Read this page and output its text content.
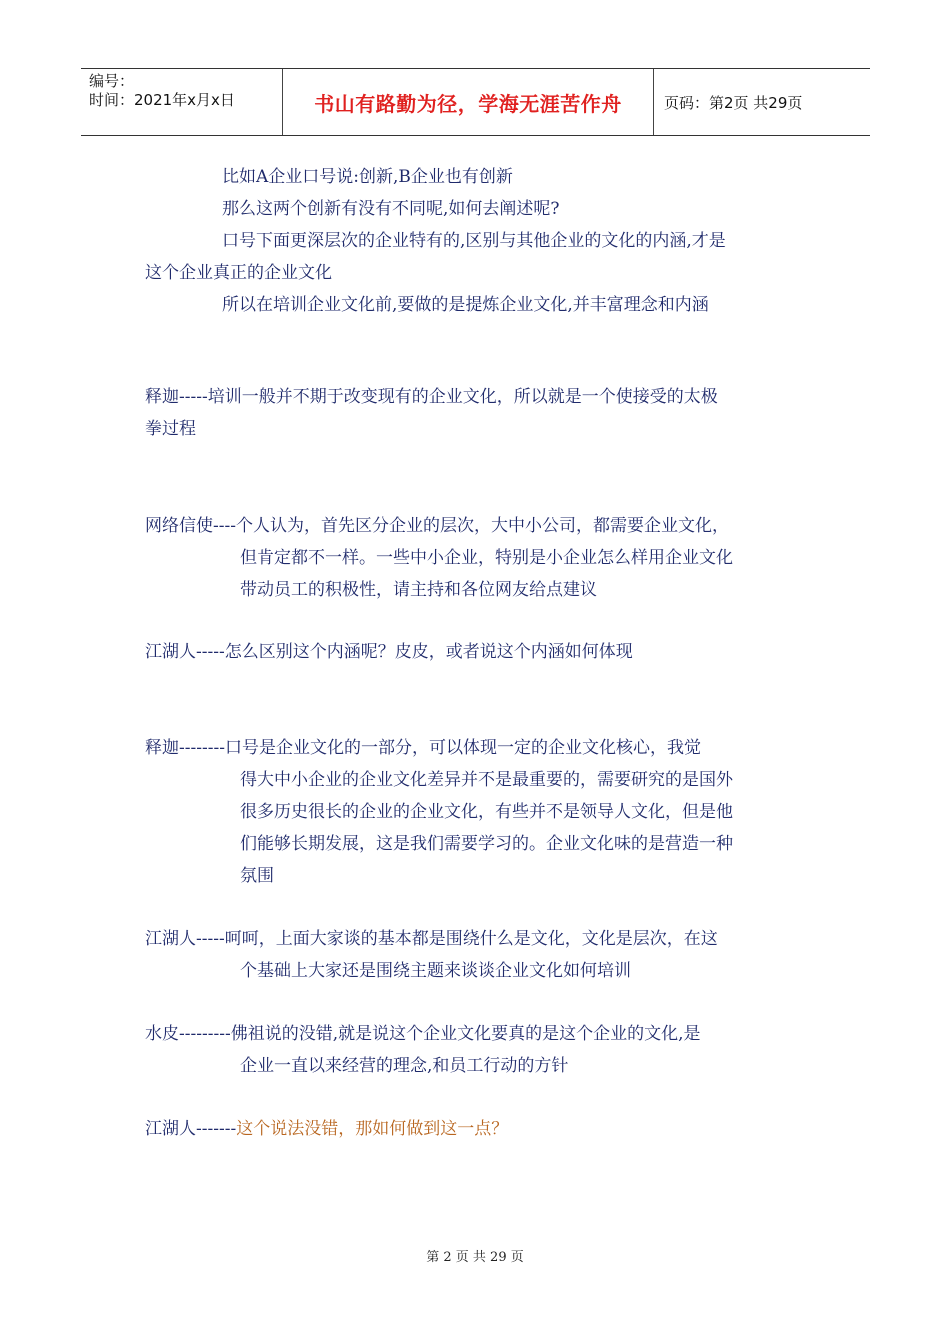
编号：
时间：2021年x月x日	书山有路勤为径，学海无涯苦作舟	页码：第2页 共29页
比如A企业口号说:创新,B企业也有创新
那么这两个创新有没有不同呢,如何去阐述呢?
口号下面更深层次的企业特有的,区别与其他企业的文化的内涵,才是
这个企业真正的企业文化
所以在培训企业文化前,要做的是提炼企业文化,并丰富理念和内涵
释迦-----培训一般并不期于改变现有的企业文化，所以就是一个使接受的太极
拳过程
网络信使----个人认为，首先区分企业的层次，大中小公司，都需要企业文化，
但肯定都不一样。一些中小企业，特别是小企业怎么样用企业文化
带动员工的积极性，请主持和各位网友给点建议
江湖人-----怎么区别这个内涵呢？皮皮，或者说这个内涵如何体现
释迦--------口号是企业文化的一部分，可以体现一定的企业文化核心，我觉
得大中小企业的企业文化差异并不是最重要的，需要研究的是国外
很多历史很长的企业的企业文化，有些并不是领导人文化，但是他
们能够长期发展，这是我们需要学习的。企业文化味的是营造一种
氛围
江湖人-----呵呵，上面大家谈的基本都是围绕什么是文化，文化是层次，在这
个基础上大家还是围绕主题来谈谈企业文化如何培训
水皮---------佛祖说的没错,就是说这个企业文化要真的是这个企业的文化,是
企业一直以来经营的理念,和员工行动的方针
江湖人-------这个说法没错，那如何做到这一点？
第 2 页 共 29 页
